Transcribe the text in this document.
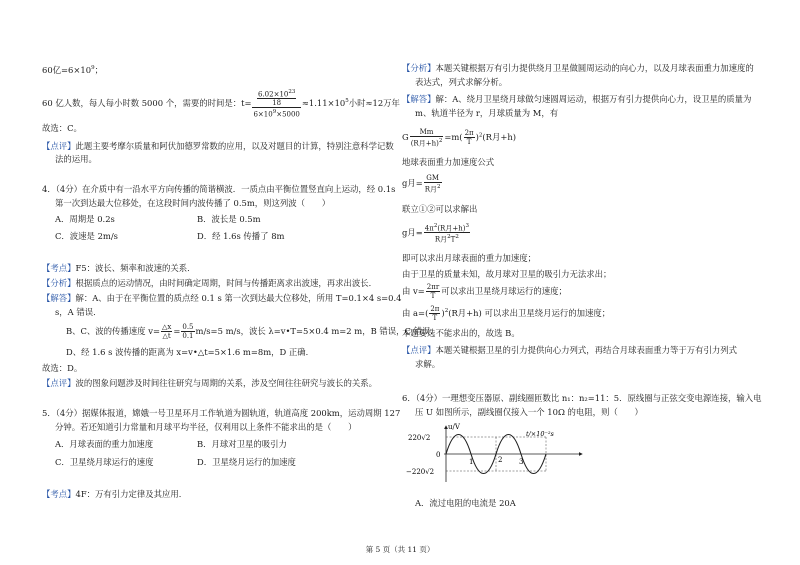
60亿$=6\times 10^9$；
60 亿人数，每人每小时数 5000 个，需要的时间是：$t= \frac{\frac{6.02\times 10^{23}}{18}}{6\times 10^9\times 5000} \approx 1.11\times 10^5$小时≈12万年
故选：C。
【点评】此题主要考摩尔质量和阿伏加德罗常数的应用，以及对题目的计算，特别注意科学记数
法的运用。
4．（4分）在介质中有一沿水平方向传播的简谐横波．一质点由平衡位置竖直向上运动，经 0.1s
第一次到达最大位移处，在这段时间内波传播了 0.5m，则这列波（　　）
A．周期是 0.2s	B．波长是 0.5m
C．波速是 2m/s	D．经 1.6s 传播了 8m
【考点】F5：波长、频率和波速的关系．
【分析】根据质点的运动情况，由时间确定周期，时间与传播距离求出波速，再求出波长．
【解答】解：A、由于在平衡位置的质点经 0.1 s 第一次到达最大位移处，所用 T=0.1×4 s=0.4
s，A 错误．
B、C、波的传播速度 $v= \frac{\triangle x}{\triangle t} = \frac{0.5}{0.1} m/s=5$ m/s，波长 λ=v•T=5×0.4 m=2 m，B 错误，C 错误．
D、经 1.6 s 波传播的距离为 x=v•△t=5×1.6 m=8m，D 正确．
故选：D。
【点评】波的图象问题涉及时间往往研究与周期的关系，涉及空间往往研究与波长的关系。
5．（4分）据媒体报道，嫦娥一号卫星环月工作轨道为圆轨道，轨道高度 200km，运动周期 127
分钟。若还知道引力常量和月球平均半径，仅利用以上条件不能求出的是（　　）
A．月球表面的重力加速度	B．月球对卫星的吸引力
C．卫星绕月球运行的速度	D．卫星绕月运行的加速度
【考点】4F：万有引力定律及其应用．
【分析】本题关键根据万有引力提供绕月卫星做圆周运动的向心力，以及月球表面重力加速度的
表达式，列式求解分析。
【解答】解：A、绕月卫星绕月球做匀速圆周运动，根据万有引力提供向心力，设卫星的质量为
m、轨道半径为 r，月球质量为 M，有
G $\frac{Mm}{(R月+h)^2} =m( \frac{2\pi}{T} )^2(R$月+h)
地球表面重力加速度公式
g月= $\frac{GM}{R月^2}$
联立①②可以求解出
g月= $\frac{4\pi^2(R月+h)^3}{R月^2T^2}$
即可以求出月球表面的重力加速度；
由于卫星的质量未知，故月球对卫星的吸引力无法求出；
由 $v= \frac{2\pi r}{T}$ 可以求出卫星绕月球运行的速度；
由 $a=( \frac{2\pi}{T} )^2(R$月+h) 可以求出卫星绕月运行的加速度；
本题要选不能求出的，故选 B。
【点评】本题关键根据卫星的引力提供向心力列式，再结合月球表面重力等于万有引力列式
求解。
6．（4分）一理想变压器原、副线圈匝数比 n₁：n₂=11：5．原线圈与正弦交变电源连接，输入电
压 U 如图所示，副线圈仅接入一个 10Ω 的电阻，则（　　）
u/V
220√2
0
−220√2
t/×10⁻²s
1	2 3
A．流过电阻的电流是 20A
第 5 页（共 11 页）
